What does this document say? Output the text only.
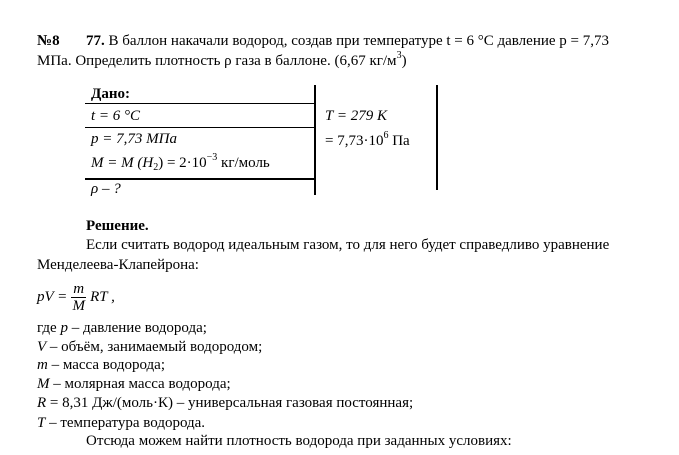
№8 77. В баллон накачали водород, создав при температуре t = 6 °C давление p = 7,73
МПа. Определить плотность ρ газа в баллоне. (6,67 $кг/м^3$)
Дано:
t = 6 °C
p = 7,73 МПа
M = M $(H_2) = 2\cdot 10^{-3}$ кг/моль
ρ – ?
T = 279 К
= $7,73\cdot 10^6$ Па
Решение.
Если считать водород идеальным газом, то для него будет справедливо уравнение
Менделеева-Клапейрона:
pV = $\frac{m}{M}$ RT ,
где p – давление водорода;
V – объём, занимаемый водородом;
m – масса водорода;
M – молярная масса водорода;
R = 8,31 Дж/(моль·К) – универсальная газовая постоянная;
T – температура водорода.
Отсюда можем найти плотность водорода при заданных условиях:
